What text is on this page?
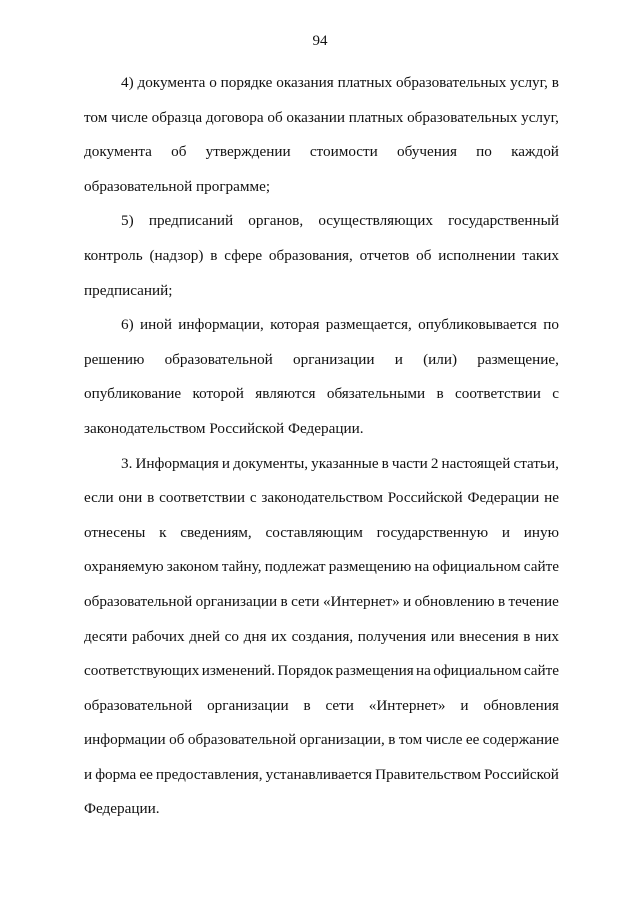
94
4) документа о порядке оказания платных образовательных услуг, в
том числе образца договора об оказании платных образовательных услуг,
документа об утверждении стоимости обучения по каждой
образовательной программе;
5) предписаний органов, осуществляющих государственный
контроль (надзор) в сфере образования, отчетов об исполнении таких
предписаний;
6) иной информации, которая размещается, опубликовывается по
решению образовательной организации и (или) размещение,
опубликование которой являются обязательными в соответствии с
законодательством Российской Федерации.
3. Информация и документы, указанные в части 2 настоящей статьи,
если они в соответствии с законодательством Российской Федерации не
отнесены к сведениям, составляющим государственную и иную
охраняемую законом тайну, подлежат размещению на официальном сайте
образовательной организации в сети «Интернет» и обновлению в течение
десяти рабочих дней со дня их создания, получения или внесения в них
соответствующих изменений. Порядок размещения на официальном сайте
образовательной организации в сети «Интернет» и обновления
информации об образовательной организации, в том числе ее содержание
и форма ее предоставления, устанавливается Правительством Российской
Федерации.
